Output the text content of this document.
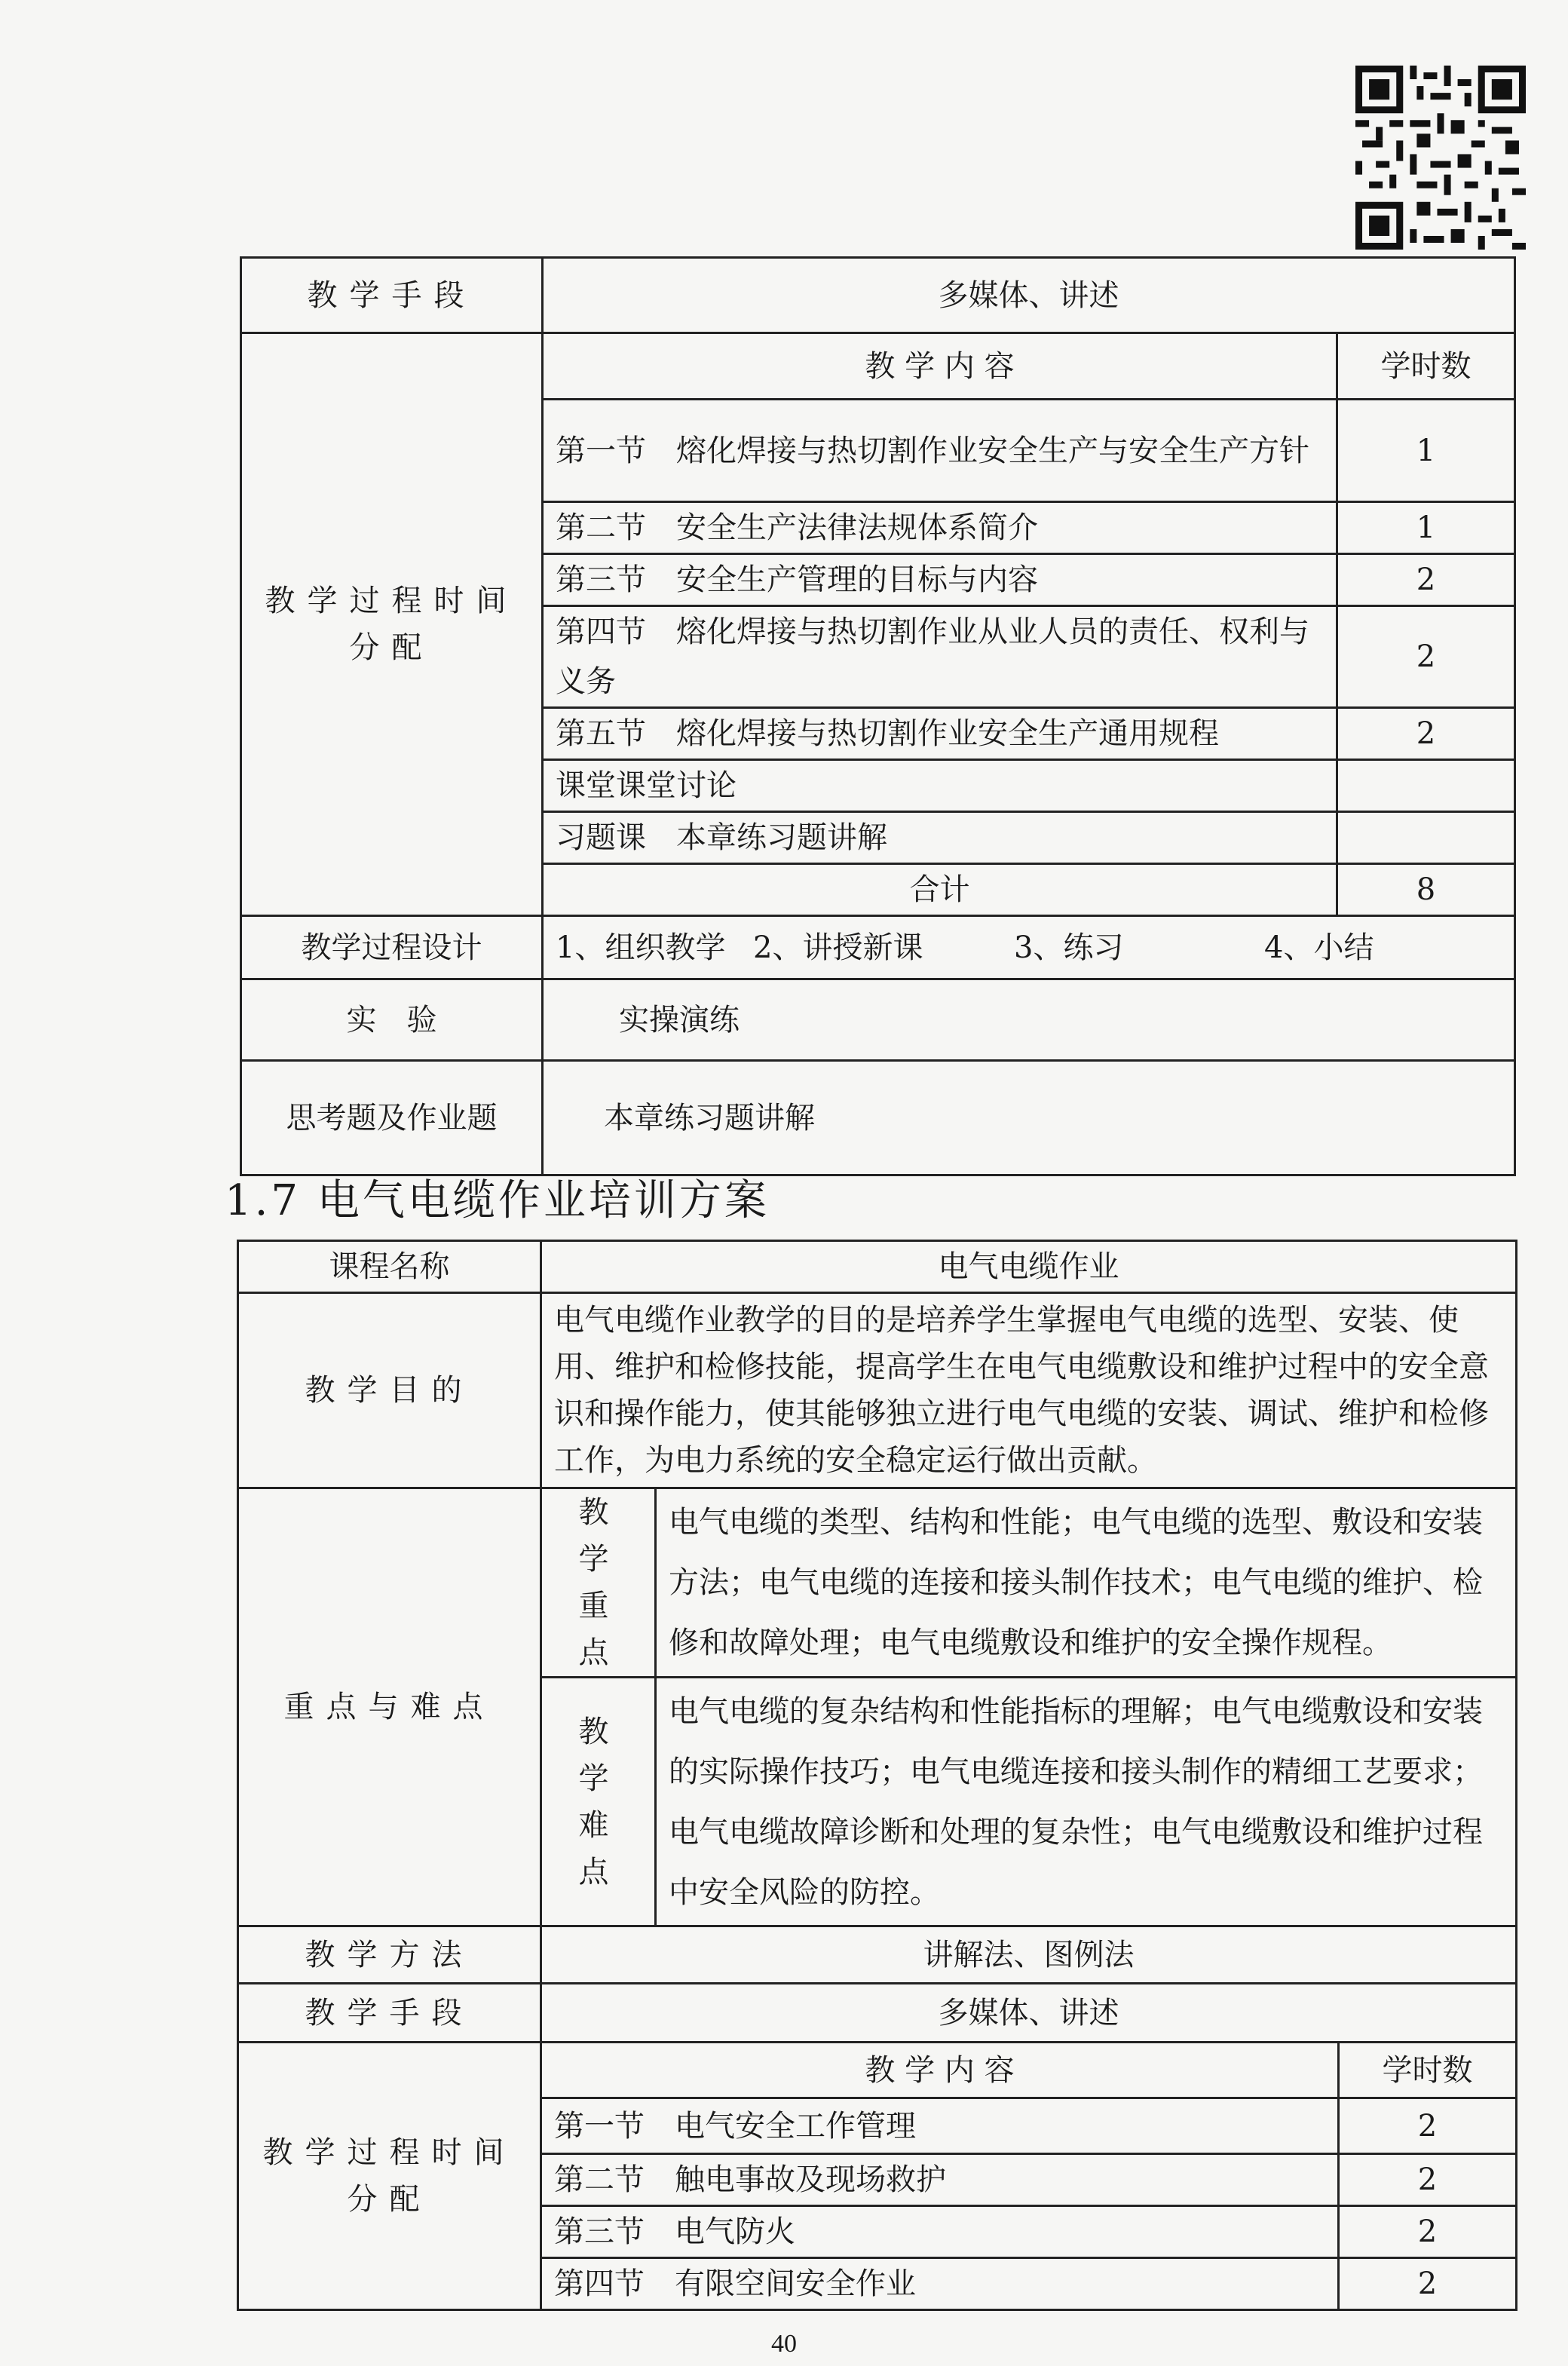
教学手段	多媒体、讲述	
教学过程时间分配	教 学 内 容	学时数
	第一节　熔化焊接与热切割作业安全生产与安全生产方针	1
	第二节　安全生产法律法规体系简介	1
	第三节　安全生产管理的目标与内容	2
	第四节　熔化焊接与热切割作业从业人员的责任、权利与义务	2
	第五节　熔化焊接与热切割作业安全生产通用规程	2
	课堂课堂讨论	
	习题课　本章练习题讲解	
	合计	8
教学过程设计	1、组织教学 2、讲授新课 3、练习 4、小结	
实　验	实操演练	
思考题及作业题	本章练习题讲解	
1.7 电气电缆作业培训方案
课程名称	电气电缆作业		
教学目的	电气电缆作业教学的目的是培养学生掌握电气电缆的选型、安装、使用、维护和检修技能，提高学生在电气电缆敷设和维护过程中的安全意识和操作能力，使其能够独立进行电气电缆的安装、调试、维护和检修工作，为电力系统的安全稳定运行做出贡献。		
重点与难点	教学重点	电气电缆的类型、结构和性能；电气电缆的选型、敷设和安装方法；电气电缆的连接和接头制作技术；电气电缆的维护、检修和故障处理；电气电缆敷设和维护的安全操作规程。	
	教学难点	电气电缆的复杂结构和性能指标的理解；电气电缆敷设和安装的实际操作技巧；电气电缆连接和接头制作的精细工艺要求；电气电缆故障诊断和处理的复杂性；电气电缆敷设和维护过程中安全风险的防控。	
教学方法	讲解法、图例法		
教学手段	多媒体、讲述		
教学过程时间分配	教 学 内 容		学时数
	第一节　电气安全工作管理		2
	第二节　触电事故及现场救护		2
	第三节　电气防火		2
	第四节　有限空间安全作业		2
40
